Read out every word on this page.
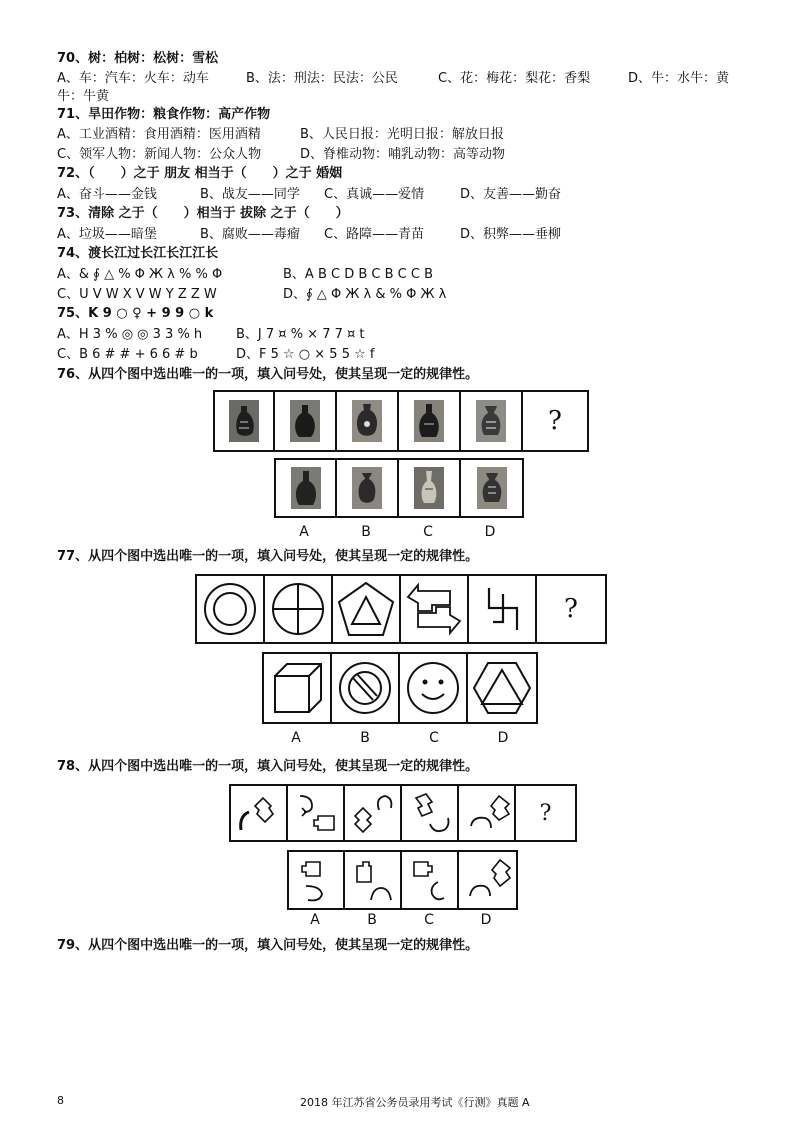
70、树：柏树：松树：雪松
A、车：汽车：火车：动车	B、法：刑法：民法：公民	C、花：梅花：梨花：香梨	D、牛：水牛：黄
牛：牛黄
71、旱田作物：粮食作物：高产作物
A、工业酒精：食用酒精：医用酒精	B、人民日报：光明日报：解放日报
C、领军人物：新闻人物：公众人物	D、脊椎动物：哺乳动物：高等动物
72、（　　）之于 朋友 相当于（　　）之于 婚姻
A、奋斗——金钱	B、战友——同学 C、真诚——爱情	D、友善——勤奋
73、清除 之于（　　）相当于 拔除 之于（　　）
A、垃圾——暗堡	B、腐败——毒瘤 C、路障——青苗	D、积弊——垂柳
74、渡长江过长江长江江长
A、& ∮ △ % Φ Ж λ % % Φ	B、A B C D B C B C C B
C、U V W X V W Y Z Z W	D、∮ △ Φ Ж λ & % Φ Ж λ
75、K 9 ○ ♀ + 9 9 ○ k
A、H 3 % ◎ ◎ 3 3 % h	B、J 7 ¤ % × 7 7 ¤ t
C、B 6 # # + 6 6 # b	D、F 5 ☆ ○ × 5 5 ☆ f
76、从四个图中选出唯一的一项，填入问号处，使其呈现一定的规律性。
?
A	B	C	D
77、从四个图中选出唯一的一项，填入问号处，使其呈现一定的规律性。
?
A	B	C	D
78、从四个图中选出唯一的一项，填入问号处，使其呈现一定的规律性。
?
A	B	C	D
79、从四个图中选出唯一的一项，填入问号处，使其呈现一定的规律性。
8	2018 年江苏省公务员录用考试《行测》真题 A
